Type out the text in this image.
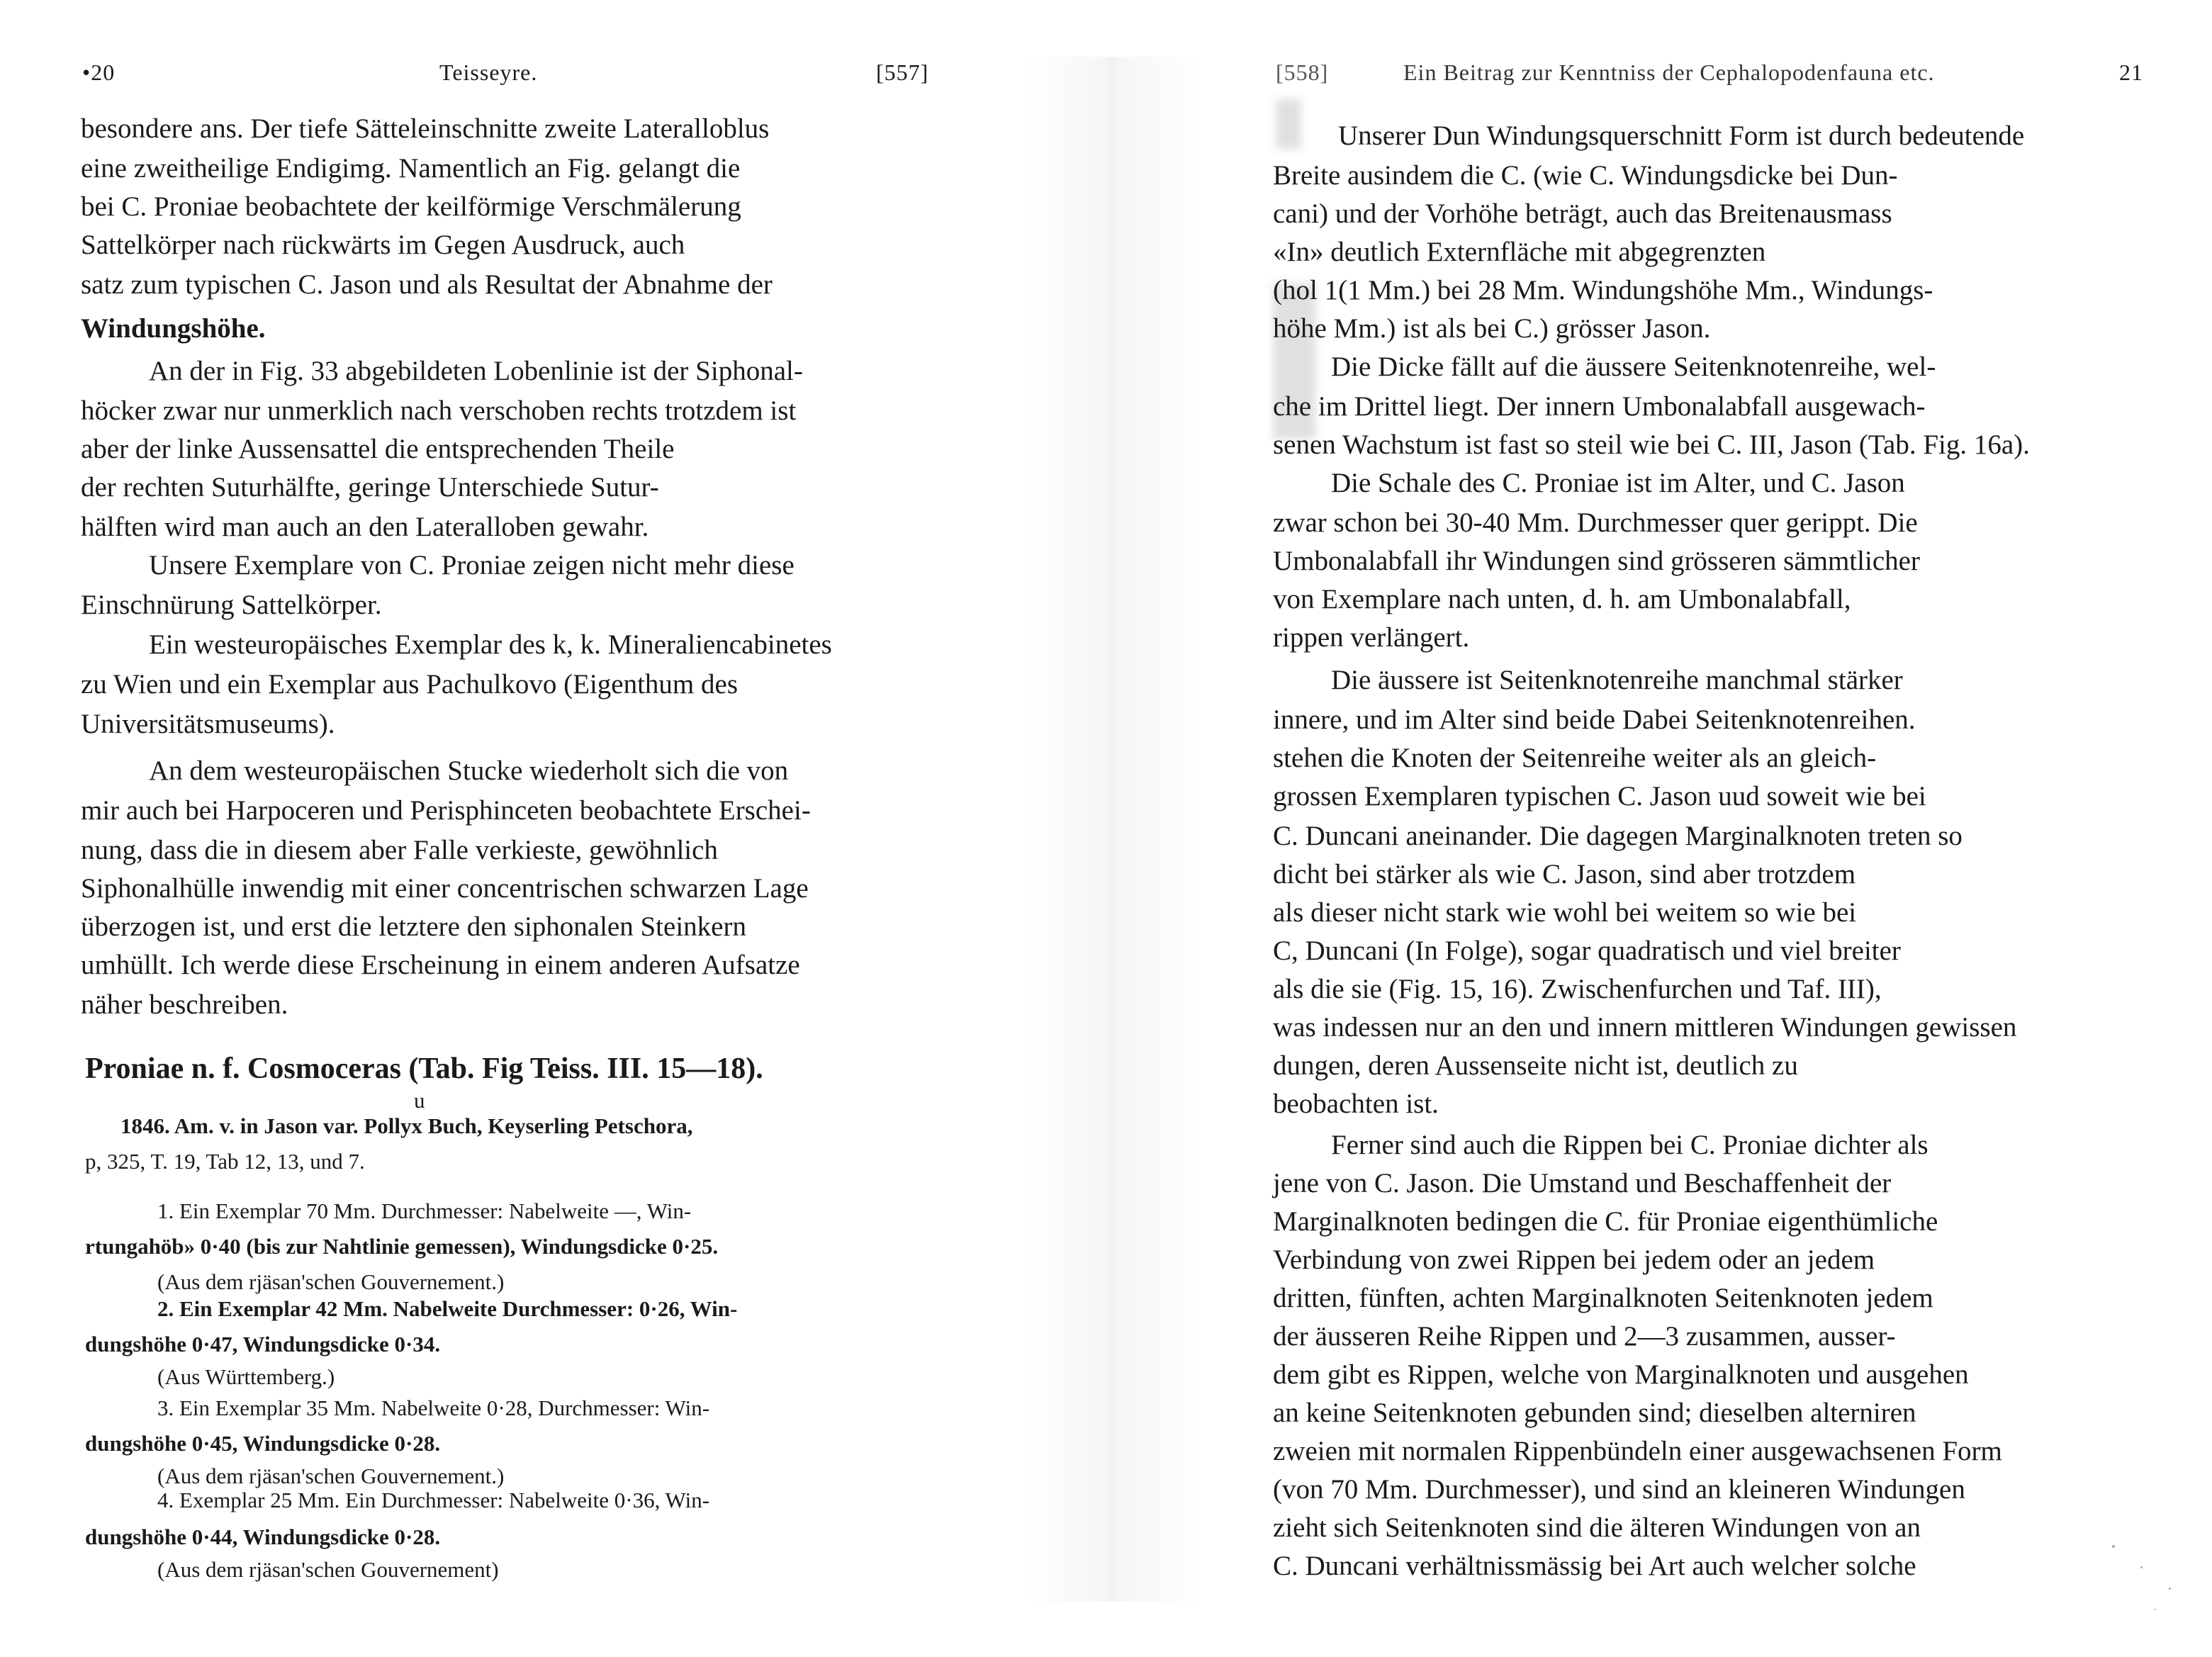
•20	Teisseyre.	[557]
besondere ans. Der tiefe Sätteleinschnitte zweite Lateralloblus
eine zweitheilige Endigimg. Namentlich an Fig. gelangt die
bei C. Proniae beobachtete der keilförmige Verschmälerung
Sattelkörper nach rückwärts im Gegen Ausdruck, auch
satz zum typischen C. Jason und als Resultat der Abnahme der
Windungshöhe.
An der in Fig. 33 abgebildeten Lobenlinie ist der Siphonal-
höcker zwar nur unmerklich nach verschoben rechts trotzdem ist
aber der linke Aussensattel die entsprechenden Theile
der rechten Suturhälfte, geringe Unterschiede Sutur-
hälften wird man auch an den Lateralloben gewahr.
Unsere Exemplare von C. Proniae zeigen nicht mehr diese
Einschnürung Sattelkörper.
Ein westeuropäisches Exemplar des k, k. Mineraliencabinetes
zu Wien und ein Exemplar aus Pachulkovo (Eigenthum des
Universitätsmuseums).
An dem westeuropäischen Stucke wiederholt sich die von
mir auch bei Harpoceren und Perisphinceten beobachtete Erschei-
nung, dass die in diesem aber Falle verkieste, gewöhnlich
Siphonalhülle inwendig mit einer concentrischen schwarzen Lage
überzogen ist, und erst die letztere den siphonalen Steinkern
umhüllt. Ich werde diese Erscheinung in einem anderen Aufsatze
näher beschreiben.
Proniae n. f. Cosmoceras (Tab. Fig Teiss. III. 15—18).
u
1846. Am. v. in Jason var. Pollyx Buch, Keyserling Petschora,
p, 325, T. 19, Tab 12, 13, und 7.
1. Ein Exemplar 70 Mm. Durchmesser: Nabelweite —, Win-
rtungahöb» 0·40 (bis zur Nahtlinie gemessen), Windungsdicke 0·25.
(Aus dem rjäsan'schen Gouvernement.)
2. Ein Exemplar 42 Mm. Nabelweite Durchmesser: 0·26, Win-
dungshöhe 0·47, Windungsdicke 0·34.
(Aus Württemberg.)
3. Ein Exemplar 35 Mm. Nabelweite 0·28, Durchmesser: Win-
dungshöhe 0·45, Windungsdicke 0·28.
(Aus dem rjäsan'schen Gouvernement.)
4. Exemplar 25 Mm. Ein Durchmesser: Nabelweite 0·36, Win-
dungshöhe 0·44, Windungsdicke 0·28.
(Aus dem rjäsan'schen Gouvernement)
[558]	Ein Beitrag zur Kenntniss der Cephalopodenfauna etc.	21
Unserer Dun Windungsquerschnitt Form ist durch bedeutende
Breite ausindem die C. (wie C. Windungsdicke bei Dun-
cani) und der Vorhöhe beträgt, auch das Breitenausmass
«In» deutlich Externfläche mit abgegrenzten
(hol 1(1 Mm.) bei 28 Mm. Windungshöhe Mm., Windungs-
höhe Mm.) ist als bei C.) grösser Jason.
Die Dicke fällt auf die äussere Seitenknotenreihe, wel-
che im Drittel liegt. Der innern Umbonalabfall ausgewach-
senen Wachstum ist fast so steil wie bei C. III, Jason (Tab. Fig. 16a).
Die Schale des C. Proniae ist im Alter, und C. Jason
zwar schon bei 30-40 Mm. Durchmesser quer gerippt. Die
Umbonalabfall ihr Windungen sind grösseren sämmtlicher
von Exemplare nach unten, d. h. am Umbonalabfall,
rippen verlängert.
Die äussere ist Seitenknotenreihe manchmal stärker
innere, und im Alter sind beide Dabei Seitenknotenreihen.
stehen die Knoten der Seitenreihe weiter als an gleich-
grossen Exemplaren typischen C. Jason uud soweit wie bei
C. Duncani aneinander. Die dagegen Marginalknoten treten so
dicht bei stärker als wie C. Jason, sind aber trotzdem
als dieser nicht stark wie wohl bei weitem so wie bei
C, Duncani (In Folge), sogar quadratisch und viel breiter
als die sie (Fig. 15, 16). Zwischenfurchen und Taf. III),
was indessen nur an den und innern mittleren Windungen gewissen
dungen, deren Aussenseite nicht ist, deutlich zu
beobachten ist.
Ferner sind auch die Rippen bei C. Proniae dichter als
jene von C. Jason. Die Umstand und Beschaffenheit der
Marginalknoten bedingen die C. für Proniae eigenthümliche
Verbindung von zwei Rippen bei jedem oder an jedem
dritten, fünften, achten Marginalknoten Seitenknoten jedem
der äusseren Reihe Rippen und 2—3 zusammen, ausser-
dem gibt es Rippen, welche von Marginalknoten und ausgehen
an keine Seitenknoten gebunden sind; dieselben alterniren
zweien mit normalen Rippenbündeln einer ausgewachsenen Form
(von 70 Mm. Durchmesser), und sind an kleineren Windungen
zieht sich Seitenknoten sind die älteren Windungen von an
C. Duncani verhältnissmässig bei Art auch welcher solche
